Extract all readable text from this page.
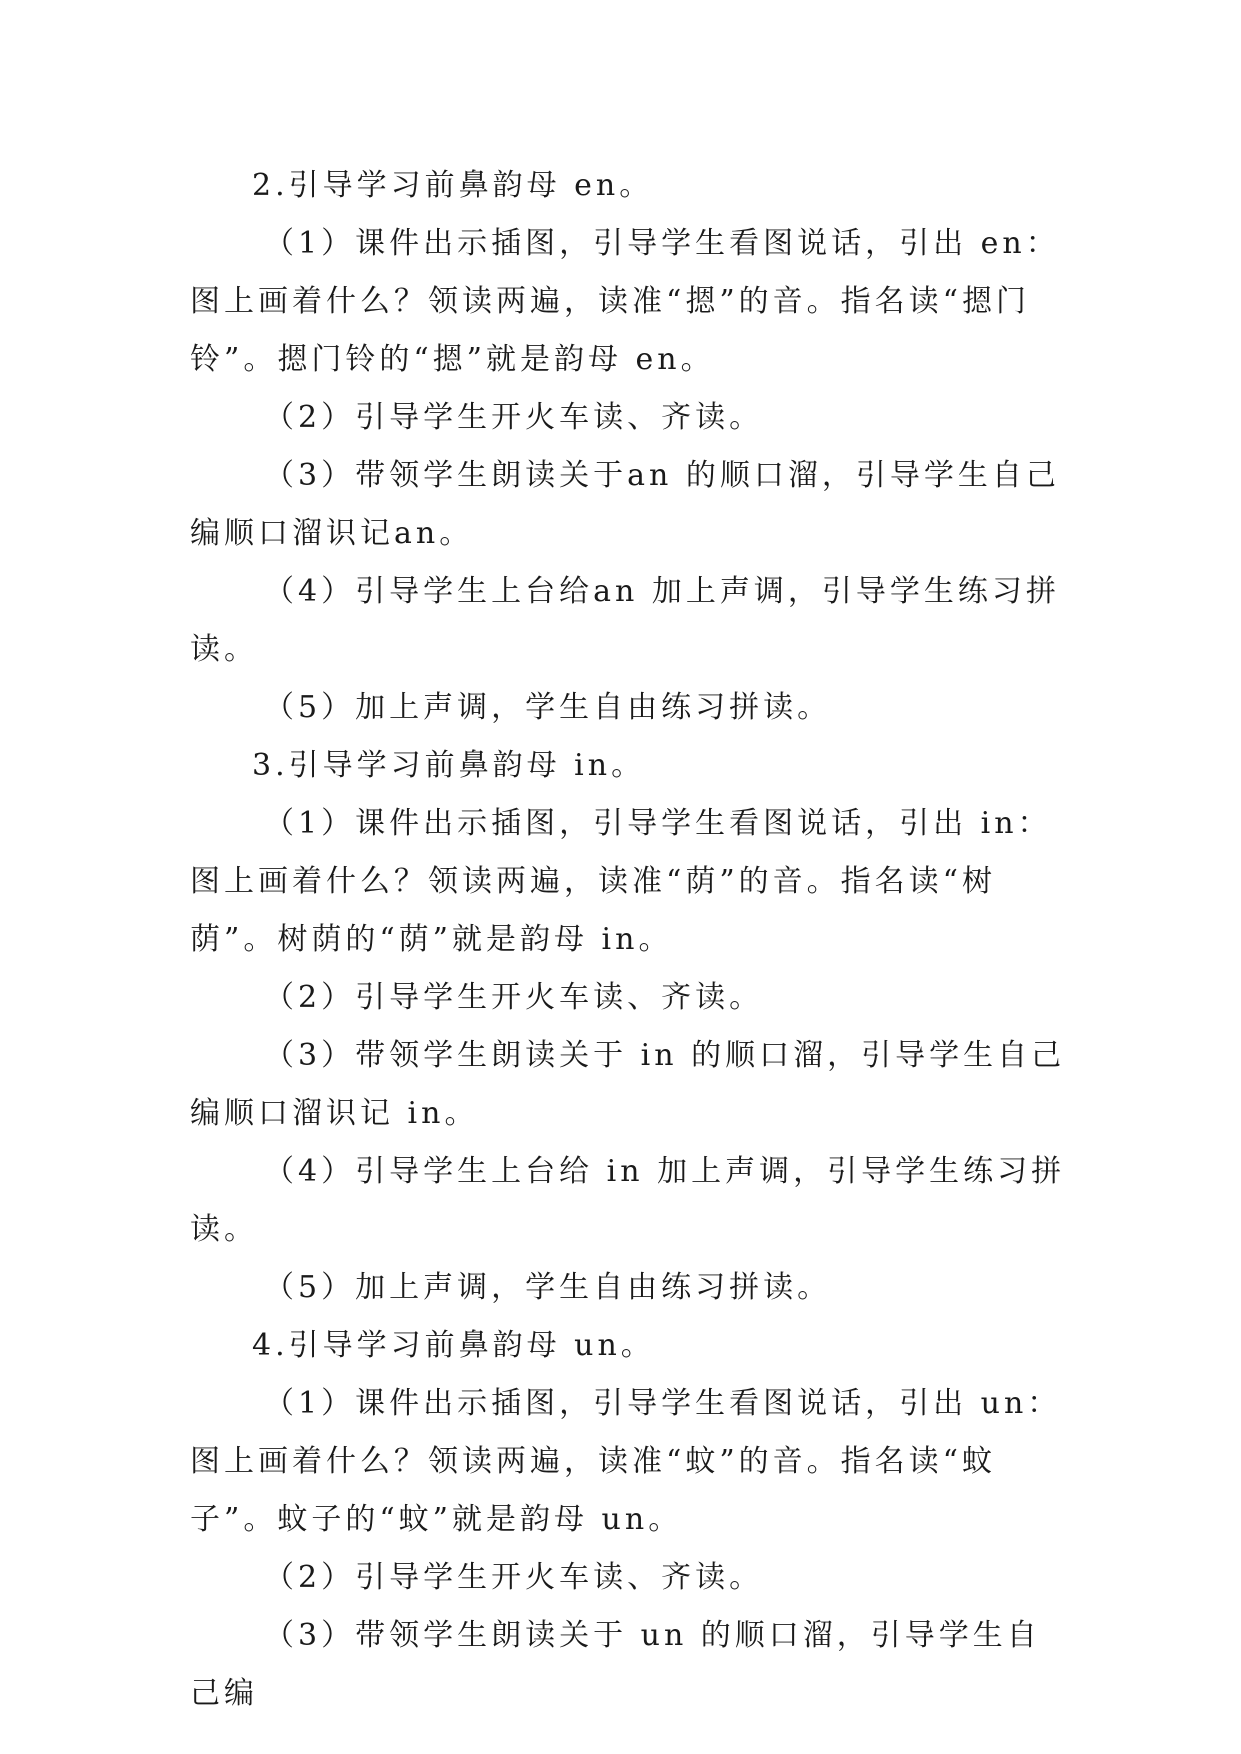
2.引导学习前鼻韵母 en。

（1）课件出示插图，引导学生看图说话，引出 en：图上画着什么？领读两遍，读准“摁”的音。指名读“摁门铃”。摁门铃的“摁”就是韵母 en。

（2）引导学生开火车读、齐读。

（3）带领学生朗读关于an 的顺口溜，引导学生自己编顺口溜识记an。

（4）引导学生上台给an 加上声调，引导学生练习拼读。

（5）加上声调，学生自由练习拼读。

3.引导学习前鼻韵母 in。

（1）课件出示插图，引导学生看图说话，引出 in：图上画着什么？领读两遍，读准“荫”的音。指名读“树荫”。树荫的“荫”就是韵母 in。

（2）引导学生开火车读、齐读。

（3）带领学生朗读关于 in 的顺口溜，引导学生自己编顺口溜识记 in。

（4）引导学生上台给 in 加上声调，引导学生练习拼读。

（5）加上声调，学生自由练习拼读。

4.引导学习前鼻韵母 un。

（1）课件出示插图，引导学生看图说话，引出 un：图上画着什么？领读两遍，读准“蚊”的音。指名读“蚊子”。蚊子的“蚊”就是韵母 un。

（2）引导学生开火车读、齐读。

（3）带领学生朗读关于 un 的顺口溜，引导学生自己编
